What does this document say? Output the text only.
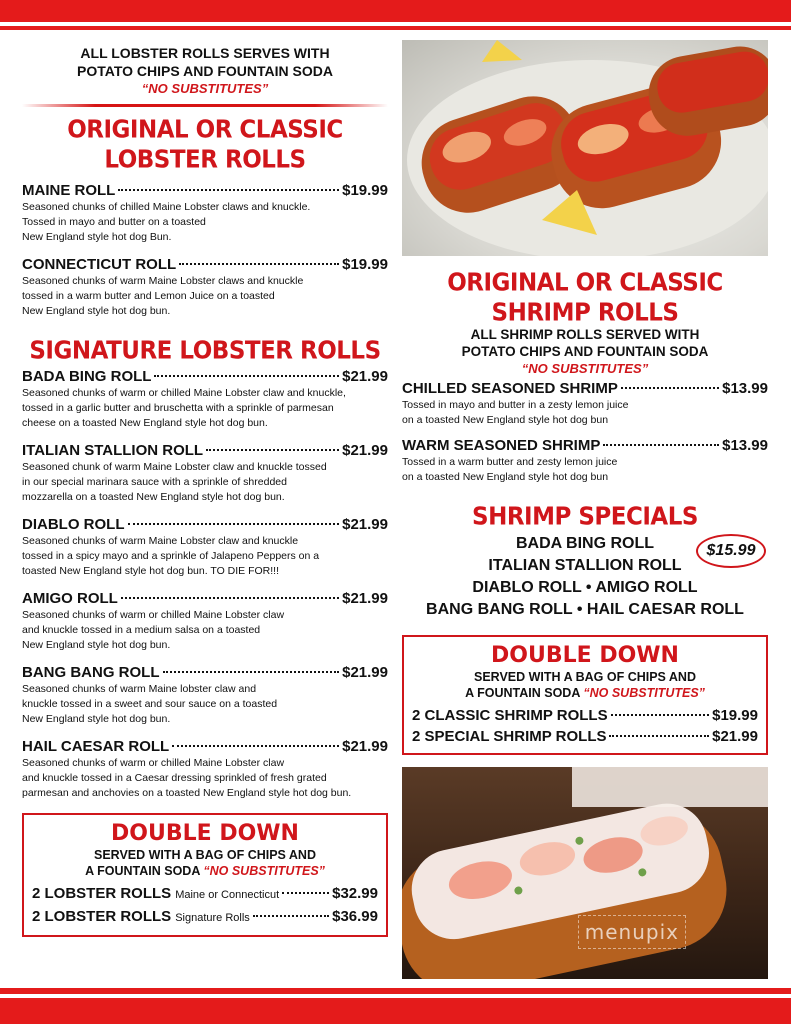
ALL LOBSTER ROLLS SERVES WITH
POTATO CHIPS AND FOUNTAIN SODA
“NO SUBSTITUTES”
ORIGINAL OR CLASSIC
LOBSTER ROLLS
MAINE ROLL	$19.99
Seasoned chunks of chilled Maine Lobster claws and knuckle.
Tossed in mayo and butter on a toasted
New England style hot dog Bun.
CONNECTICUT ROLL	$19.99
Seasoned chunks of warm Maine Lobster claws and knuckle
tossed in a warm butter and Lemon Juice on a toasted
New England style hot dog bun.
SIGNATURE LOBSTER ROLLS
BADA BING ROLL	$21.99
Seasoned chunks of warm or chilled Maine Lobster claw and knuckle,
tossed in a garlic butter and bruschetta with a sprinkle of parmesan
cheese on a toasted New England style hot dog bun.
ITALIAN STALLION ROLL	$21.99
Seasoned chunk of warm Maine Lobster claw and knuckle tossed
in our special marinara sauce with a sprinkle of shredded
mozzarella on a toasted New England style hot dog bun.
DIABLO ROLL	$21.99
Seasoned chunks of warm Maine Lobster claw and knuckle
tossed in a spicy mayo and a sprinkle of Jalapeno Peppers on a
toasted New England style hot dog bun. TO DIE FOR!!!
AMIGO ROLL	$21.99
Seasoned chunks of warm or chilled Maine Lobster claw
and knuckle tossed in a medium salsa on a toasted
New England style hot dog bun.
BANG BANG ROLL	$21.99
Seasoned chunks of warm Maine lobster claw and
knuckle tossed in a sweet and sour sauce on a toasted
New England style hot dog bun.
HAIL CAESAR ROLL	$21.99
Seasoned chunks of warm or chilled Maine Lobster claw
and knuckle tossed in a Caesar dressing sprinkled of fresh grated
parmesan and anchovies on a toasted New England style hot dog bun.
DOUBLE DOWN
SERVED WITH A BAG OF CHIPS AND
A FOUNTAIN SODA “NO SUBSTITUTES”
2 LOBSTER ROLLS Maine or Connecticut	$32.99
2 LOBSTER ROLLS Signature Rolls	$36.99
ORIGINAL OR CLASSIC
SHRIMP ROLLS
ALL SHRIMP ROLLS SERVED WITH
POTATO CHIPS AND FOUNTAIN SODA
“NO SUBSTITUTES”
CHILLED SEASONED SHRIMP	$13.99
Tossed in mayo and butter in a zesty lemon juice
on a toasted New England style hot dog bun
WARM SEASONED SHRIMP	$13.99
Tossed in a warm butter and zesty lemon juice
on a toasted New England style hot dog bun
SHRIMP SPECIALS
BADA BING ROLL
ITALIAN STALLION ROLL
DIABLO ROLL • AMIGO ROLL
BANG BANG ROLL • HAIL CAESAR ROLL
$15.99
DOUBLE DOWN
SERVED WITH A BAG OF CHIPS AND
A FOUNTAIN SODA “NO SUBSTITUTES”
2 CLASSIC SHRIMP ROLLS	$19.99
2 SPECIAL SHRIMP ROLLS	$21.99
menupix
